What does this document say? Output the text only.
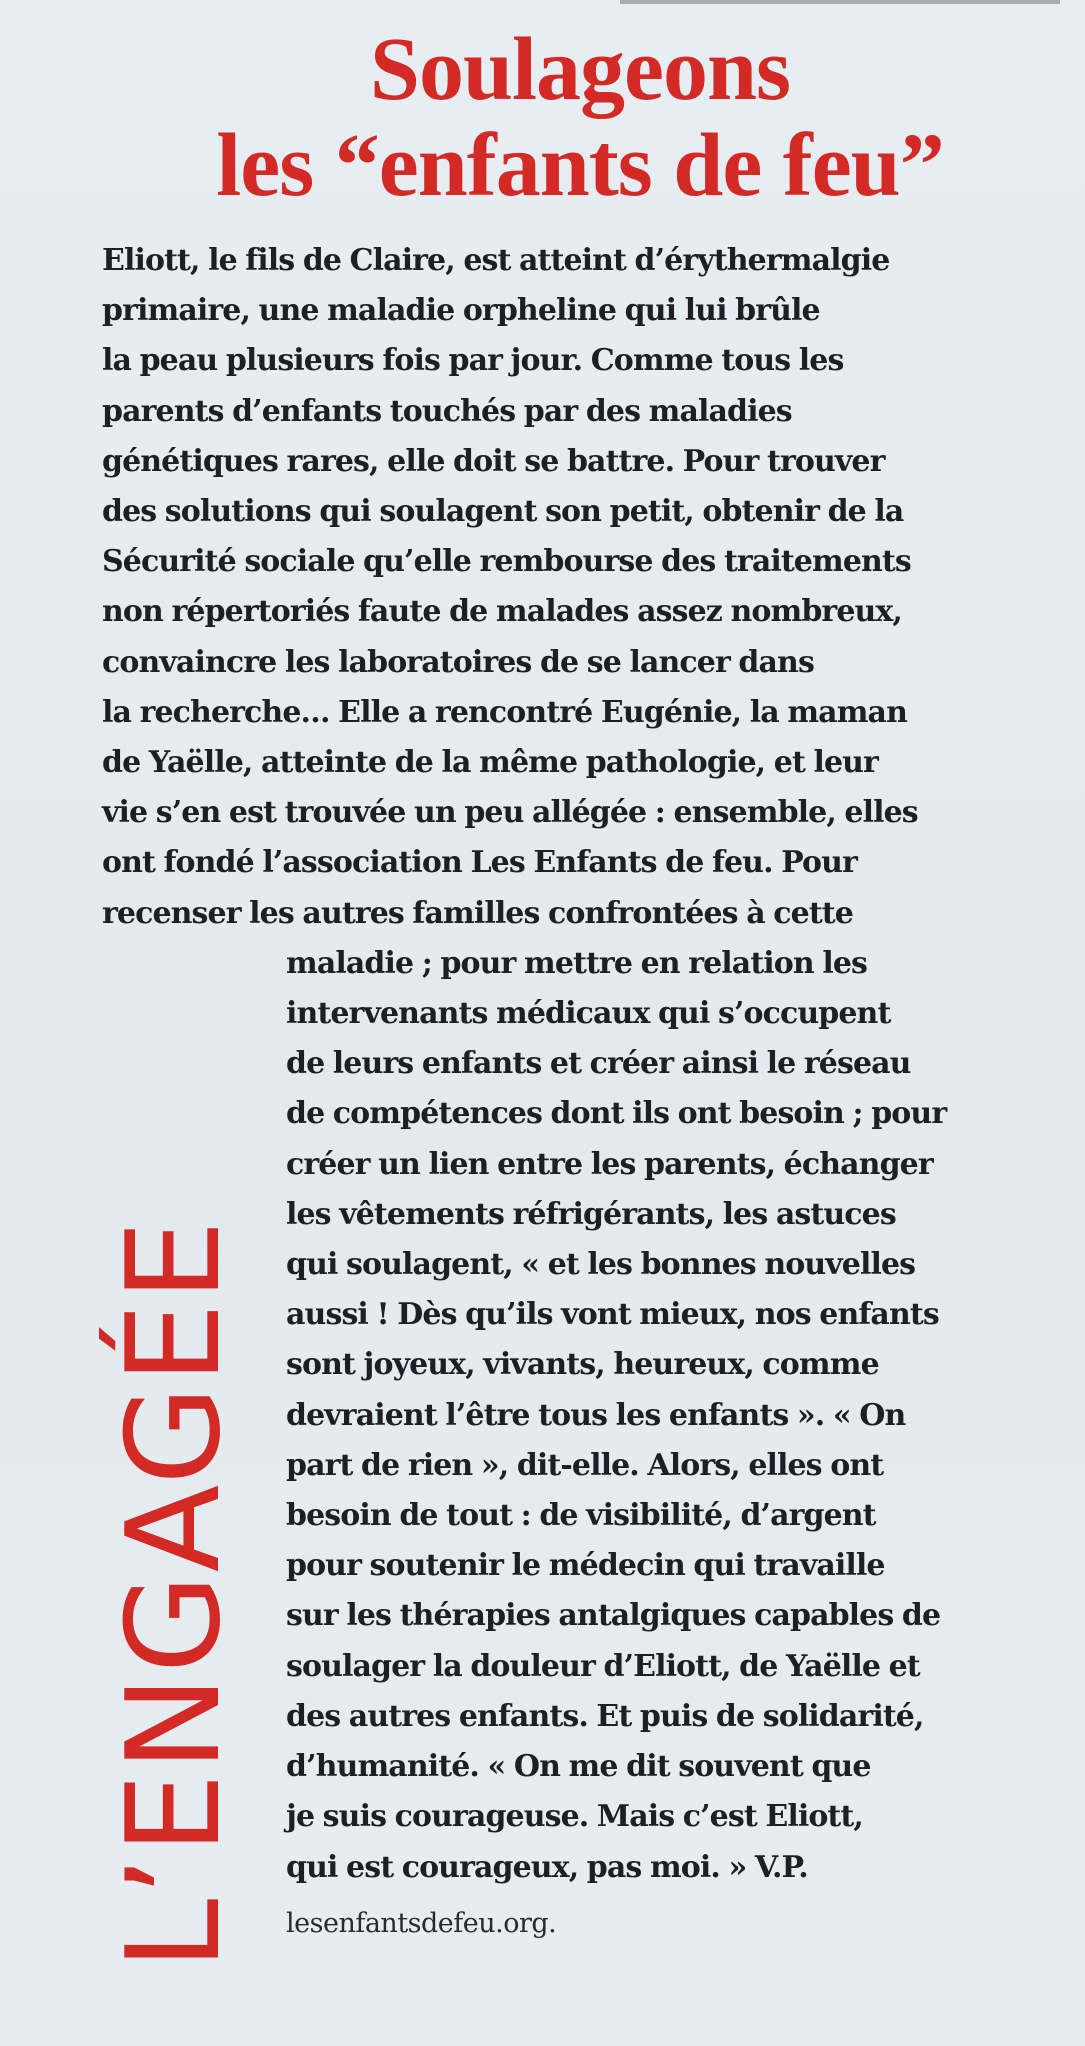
Soulageons
les “enfants de feu”
Eliott, le fils de Claire, est atteint d’érythermalgie
primaire, une maladie orpheline qui lui brûle
la peau plusieurs fois par jour. Comme tous les
parents d’enfants touchés par des maladies
génétiques rares, elle doit se battre. Pour trouver
des solutions qui soulagent son petit, obtenir de la
Sécurité sociale qu’elle rembourse des traitements
non répertoriés faute de malades assez nombreux,
convaincre les laboratoires de se lancer dans
la recherche… Elle a rencontré Eugénie, la maman
de Yaëlle, atteinte de la même pathologie, et leur
vie s’en est trouvée un peu allégée : ensemble, elles
ont fondé l’association Les Enfants de feu. Pour
recenser les autres familles confrontées à cette
maladie ; pour mettre en relation les
intervenants médicaux qui s’occupent
de leurs enfants et créer ainsi le réseau
de compétences dont ils ont besoin ; pour
créer un lien entre les parents, échanger
les vêtements réfrigérants, les astuces
qui soulagent, « et les bonnes nouvelles
aussi ! Dès qu’ils vont mieux, nos enfants
sont joyeux, vivants, heureux, comme
devraient l’être tous les enfants ». « On
part de rien », dit-elle. Alors, elles ont
besoin de tout : de visibilité, d’argent
pour soutenir le médecin qui travaille
sur les thérapies antalgiques capables de
soulager la douleur d’Eliott, de Yaëlle et
des autres enfants. Et puis de solidarité,
d’humanité. « On me dit souvent que
je suis courageuse. Mais c’est Eliott,
qui est courageux, pas moi. » V.P.
L’ENGAGÉE lesenfantsdefeu.org.
